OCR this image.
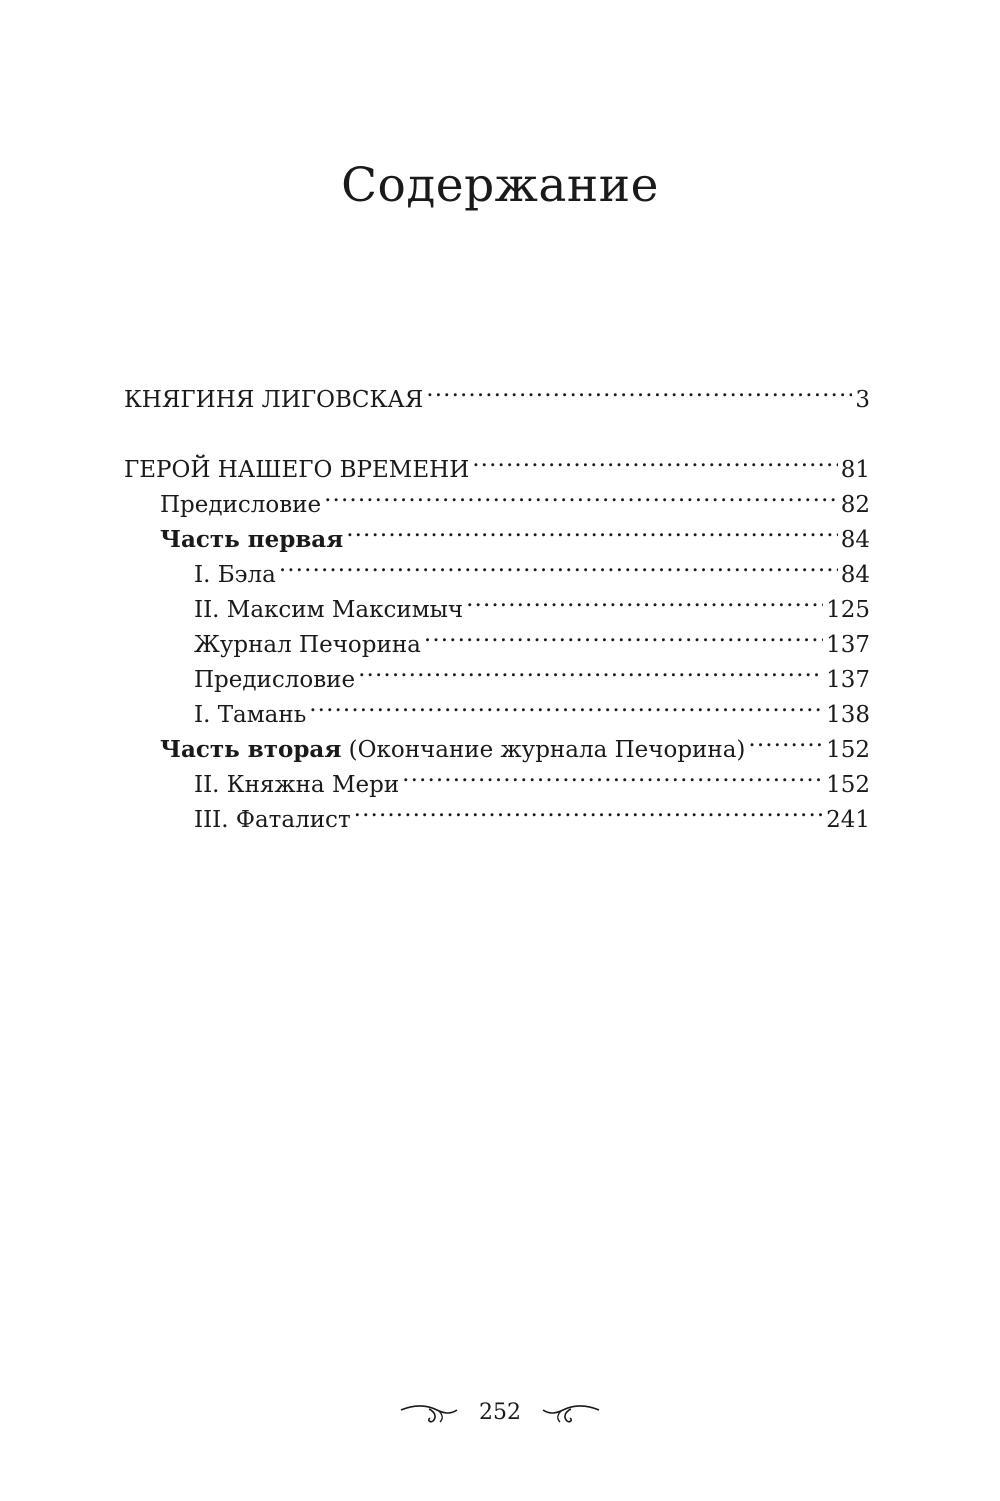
Содержание
КНЯГИНЯ ЛИГОВСКАЯ . . .	3
ГЕРОЙ НАШЕГО ВРЕМЕНИ . . .	81
Предисловие . . .	82
Часть первая . . .	84
I. Бэла . . .	84
II. Максим Максимыч . . .	125
Журнал Печорина . . .	137
Предисловие . . .	137
I. Тамань . . .	138
Часть вторая (Окончание журнала Печорина) . . .	152
II. Княжна Мери . . .	152
III. Фаталист . . .	241
252
